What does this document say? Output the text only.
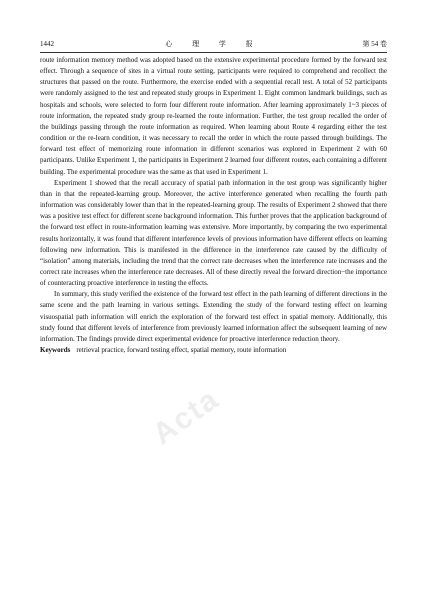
1442	心 理 学 报	第 54 卷

route information memory method was adopted based on the extensive experimental procedure formed by the forward test effect. Through a sequence of sites in a virtual route setting, participants were required to comprehend and recollect the structures that passed on the route. Furthermore, the exercise ended with a sequential recall test. A total of 52 participants were randomly assigned to the test and repeated study groups in Experiment 1. Eight common landmark buildings, such as hospitals and schools, were selected to form four different route information. After learning approximately 1~3 pieces of route information, the repeated study group re-learned the route information. Further, the test group recalled the order of the buildings passing through the route information as required. When learning about Route 4 regarding either the test condition or the re-learn condition, it was necessary to recall the order in which the route passed through buildings. The forward test effect of memorizing route information in different scenarios was explored in Experiment 2 with 60 participants. Unlike Experiment 1, the participants in Experiment 2 learned four different routes, each containing a different building. The experimental procedure was the same as that used in Experiment 1.

Experiment 1 showed that the recall accuracy of spatial path information in the test group was significantly higher than in that the repeated-learning group. Moreover, the active interference generated when recalling the fourth path information was considerably lower than that in the repeated-learning group. The results of Experiment 2 showed that there was a positive test effect for different scene background information. This further proves that the application background of the forward test effect in route-information learning was extensive. More importantly, by comparing the two experimental results horizontally, it was found that different interference levels of previous information have different effects on learning following new information. This is manifested in the difference in the interference rate caused by the difficulty of “isolation” among materials, including the trend that the correct rate decreases when the interference rate increases and the correct rate increases when the interference rate decreases. All of these directly reveal the forward direction−the importance of counteracting proactive interference in testing the effects.

In summary, this study verified the existence of the forward test effect in the path learning of different directions in the same scene and the path learning in various settings. Extending the study of the forward testing effect on learning visuospatial path information will enrich the exploration of the forward test effect in spatial memory. Additionally, this study found that different levels of interference from previously learned information affect the subsequent learning of new information. The findings provide direct experimental evidence for proactive interference reduction theory.

Keywords retrieval practice, forward testing effect, spatial memory, route information

Acta
